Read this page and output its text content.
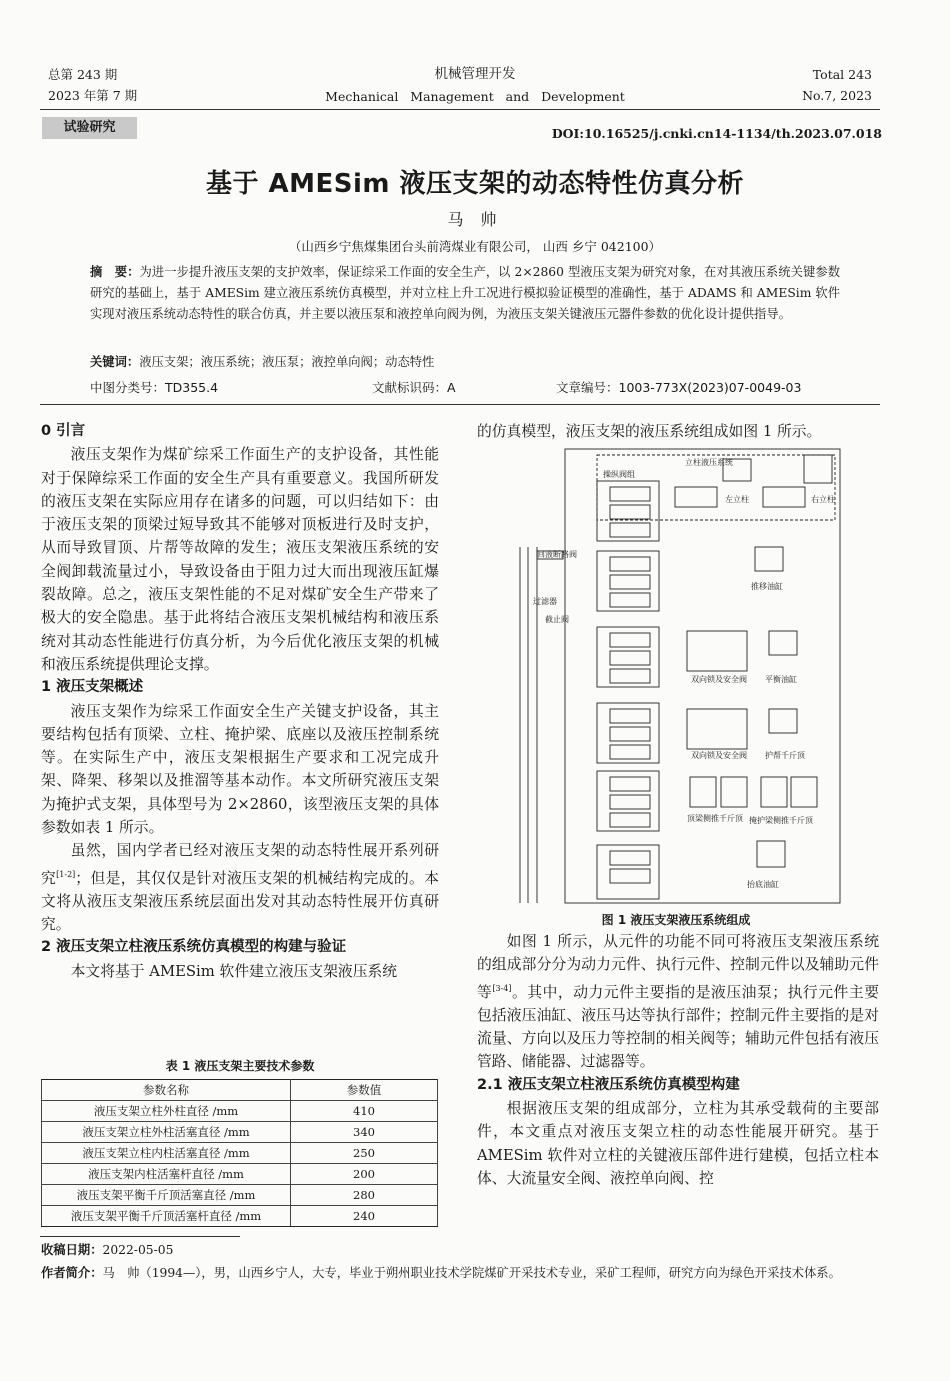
总第 243 期
2023 年第 7 期
机械管理开发
Mechanical   Management   and   Development
Total 243
No.7, 2023
试验研究	DOI:10.16525/j.cnki.cn14-1134/th.2023.07.018
基于 AMESim 液压支架的动态特性仿真分析
马 帅
（山西乡宁焦煤集团台头前湾煤业有限公司， 山西 乡宁 042100）
摘　要：为进一步提升液压支架的支护效率，保证综采工作面的安全生产，以 2×2860 型液压支架为研究对象，在对其液压系统关键参数研究的基础上，基于 AMESim 建立液压系统仿真模型，并对立柱上升工况进行模拟验证模型的准确性，基于 ADAMS 和 AMESim 软件实现对液压系统动态特性的联合仿真，并主要以液压泵和液控单向阀为例，为液压支架关键液压元器件参数的优化设计提供指导。
关键词：液压支架；液压系统；液压泵；液控单向阀；动态特性
中图分类号：TD355.4	文献标识码：A	文章编号：1003-773X(2023)07-0049-03

0 引言

液压支架作为煤矿综采工作面生产的支护设备，其性能对于保障综采工作面的安全生产具有重要意义。我国所研发的液压支架在实际应用存在诸多的问题，可以归结如下：由于液压支架的顶梁过短导致其不能够对顶板进行及时支护，从而导致冒顶、片帮等故障的发生；液压支架液压系统的安全阀卸载流量过小，导致设备由于阻力过大而出现液压缸爆裂故障。总之，液压支架性能的不足对煤矿安全生产带来了极大的安全隐患。基于此将结合液压支架机械结构和液压系统对其动态性能进行仿真分析，为今后优化液压支架的机械和液压系统提供理论支撑。

1 液压支架概述

液压支架作为综采工作面安全生产关键支护设备，其主要结构包括有顶梁、立柱、掩护梁、底座以及液压控制系统等。在实际生产中，液压支架根据生产要求和工况完成升架、降架、移架以及推溜等基本动作。本文所研究液压支架为掩护式支架，具体型号为 2×2860，该型液压支架的具体参数如表 1 所示。

虽然，国内学者已经对液压支架的动态特性展开系列研究[1-2]；但是，其仅仅是针对液压支架的机械结构完成的。本文将从液压支架液压系统层面出发对其动态特性展开仿真研究。

2 液压支架立柱液压系统仿真模型的构建与验证

本文将基于 AMESim 软件建立液压支架液压系统

表 1 液压支架主要技术参数
参数名称	参数值
液压支架立柱外柱直径 /mm	410
液压支架立柱外柱活塞直径 /mm	340
液压支架立柱内柱活塞直径 /mm	250
液压支架内柱活塞杆直径 /mm	200
液压支架平衡千斤顶活塞直径 /mm	280
液压支架平衡千斤顶活塞杆直径 /mm	240

的仿真模型，液压支架的液压系统组成如图 1 所示。

立柱液压系统
操纵阀组
左立柱	右立柱
回液断路阀
过滤器
截止阀
推移油缸
双向锁及安全阀 平衡油缸
双向锁及安全阀 护帮千斤顶
顶梁侧推千斤顶 掩护梁侧推千斤顶
抬底油缸
图 1 液压支架液压系统组成

如图 1 所示，从元件的功能不同可将液压支架液压系统的组成部分分为动力元件、执行元件、控制元件以及辅助元件等[3-4]。其中，动力元件主要指的是液压油泵；执行元件主要包括液压油缸、液压马达等执行部件；控制元件主要指的是对流量、方向以及压力等控制的相关阀等；辅助元件包括有液压管路、储能器、过滤器等。

2.1 液压支架立柱液压系统仿真模型构建

根据液压支架的组成部分，立柱为其承受载荷的主要部件，本文重点对液压支架立柱的动态性能展开研究。基于 AMESim 软件对立柱的关键液压部件进行建模，包括立柱本体、大流量安全阀、液控单向阀、控

收稿日期：2022-05-05
作者简介：马　帅（1994—），男，山西乡宁人，大专，毕业于朔州职业技术学院煤矿开采技术专业，采矿工程师，研究方向为绿色开采技术体系。
